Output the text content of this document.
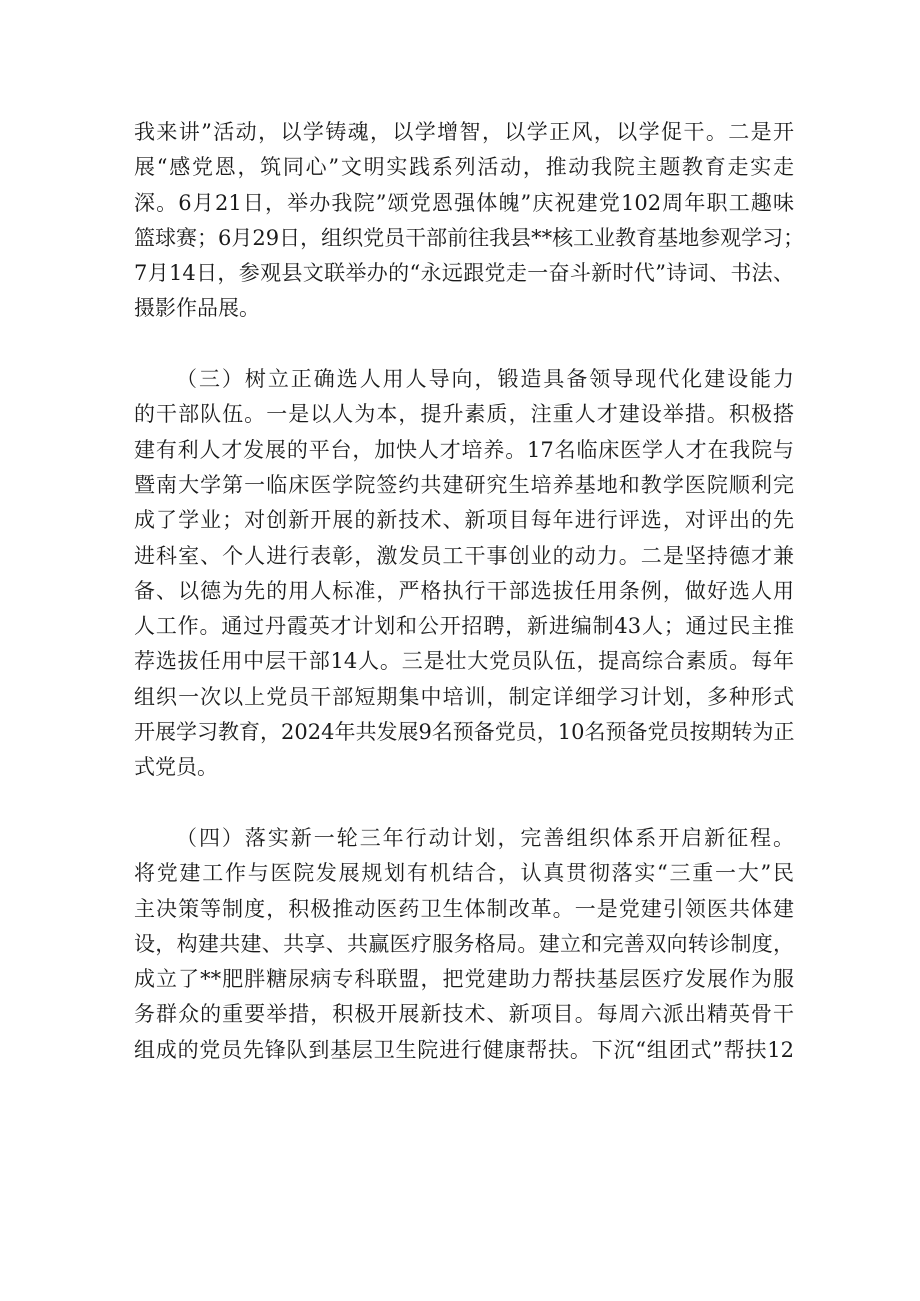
我来讲”活动，以学铸魂，以学增智，以学正风，以学促干。二是开
展“感党恩，筑同心”文明实践系列活动，推动我院主题教育走实走
深。6月21日，举办我院”颂党恩强体魄”庆祝建党102周年职工趣味
篮球赛；6月29日，组织党员干部前往我县**核工业教育基地参观学习；
7月14日，参观县文联举办的“永远跟党走一奋斗新时代”诗词、书法、
摄影作品展。
（三）树立正确选人用人导向，锻造具备领导现代化建设能力
的干部队伍。一是以人为本，提升素质，注重人才建设举措。积极搭
建有利人才发展的平台，加快人才培养。17名临床医学人才在我院与
暨南大学第一临床医学院签约共建研究生培养基地和教学医院顺利完
成了学业；对创新开展的新技术、新项目每年进行评选，对评出的先
进科室、个人进行表彰，激发员工干事创业的动力。二是坚持德才兼
备、以德为先的用人标准，严格执行干部选拔任用条例，做好选人用
人工作。通过丹霞英才计划和公开招聘，新进编制43人；通过民主推
荐选拔任用中层干部14人。三是壮大党员队伍，提高综合素质。每年
组织一次以上党员干部短期集中培训，制定详细学习计划，多种形式
开展学习教育，2024年共发展9名预备党员，10名预备党员按期转为正
式党员。
（四）落实新一轮三年行动计划，完善组织体系开启新征程。
将党建工作与医院发展规划有机结合，认真贯彻落实“三重一大”民
主决策等制度，积极推动医药卫生体制改革。一是党建引领医共体建
设，构建共建、共享、共赢医疗服务格局。建立和完善双向转诊制度，
成立了**肥胖糖尿病专科联盟，把党建助力帮扶基层医疗发展作为服
务群众的重要举措，积极开展新技术、新项目。每周六派出精英骨干
组成的党员先锋队到基层卫生院进行健康帮扶。下沉“组团式”帮扶12
